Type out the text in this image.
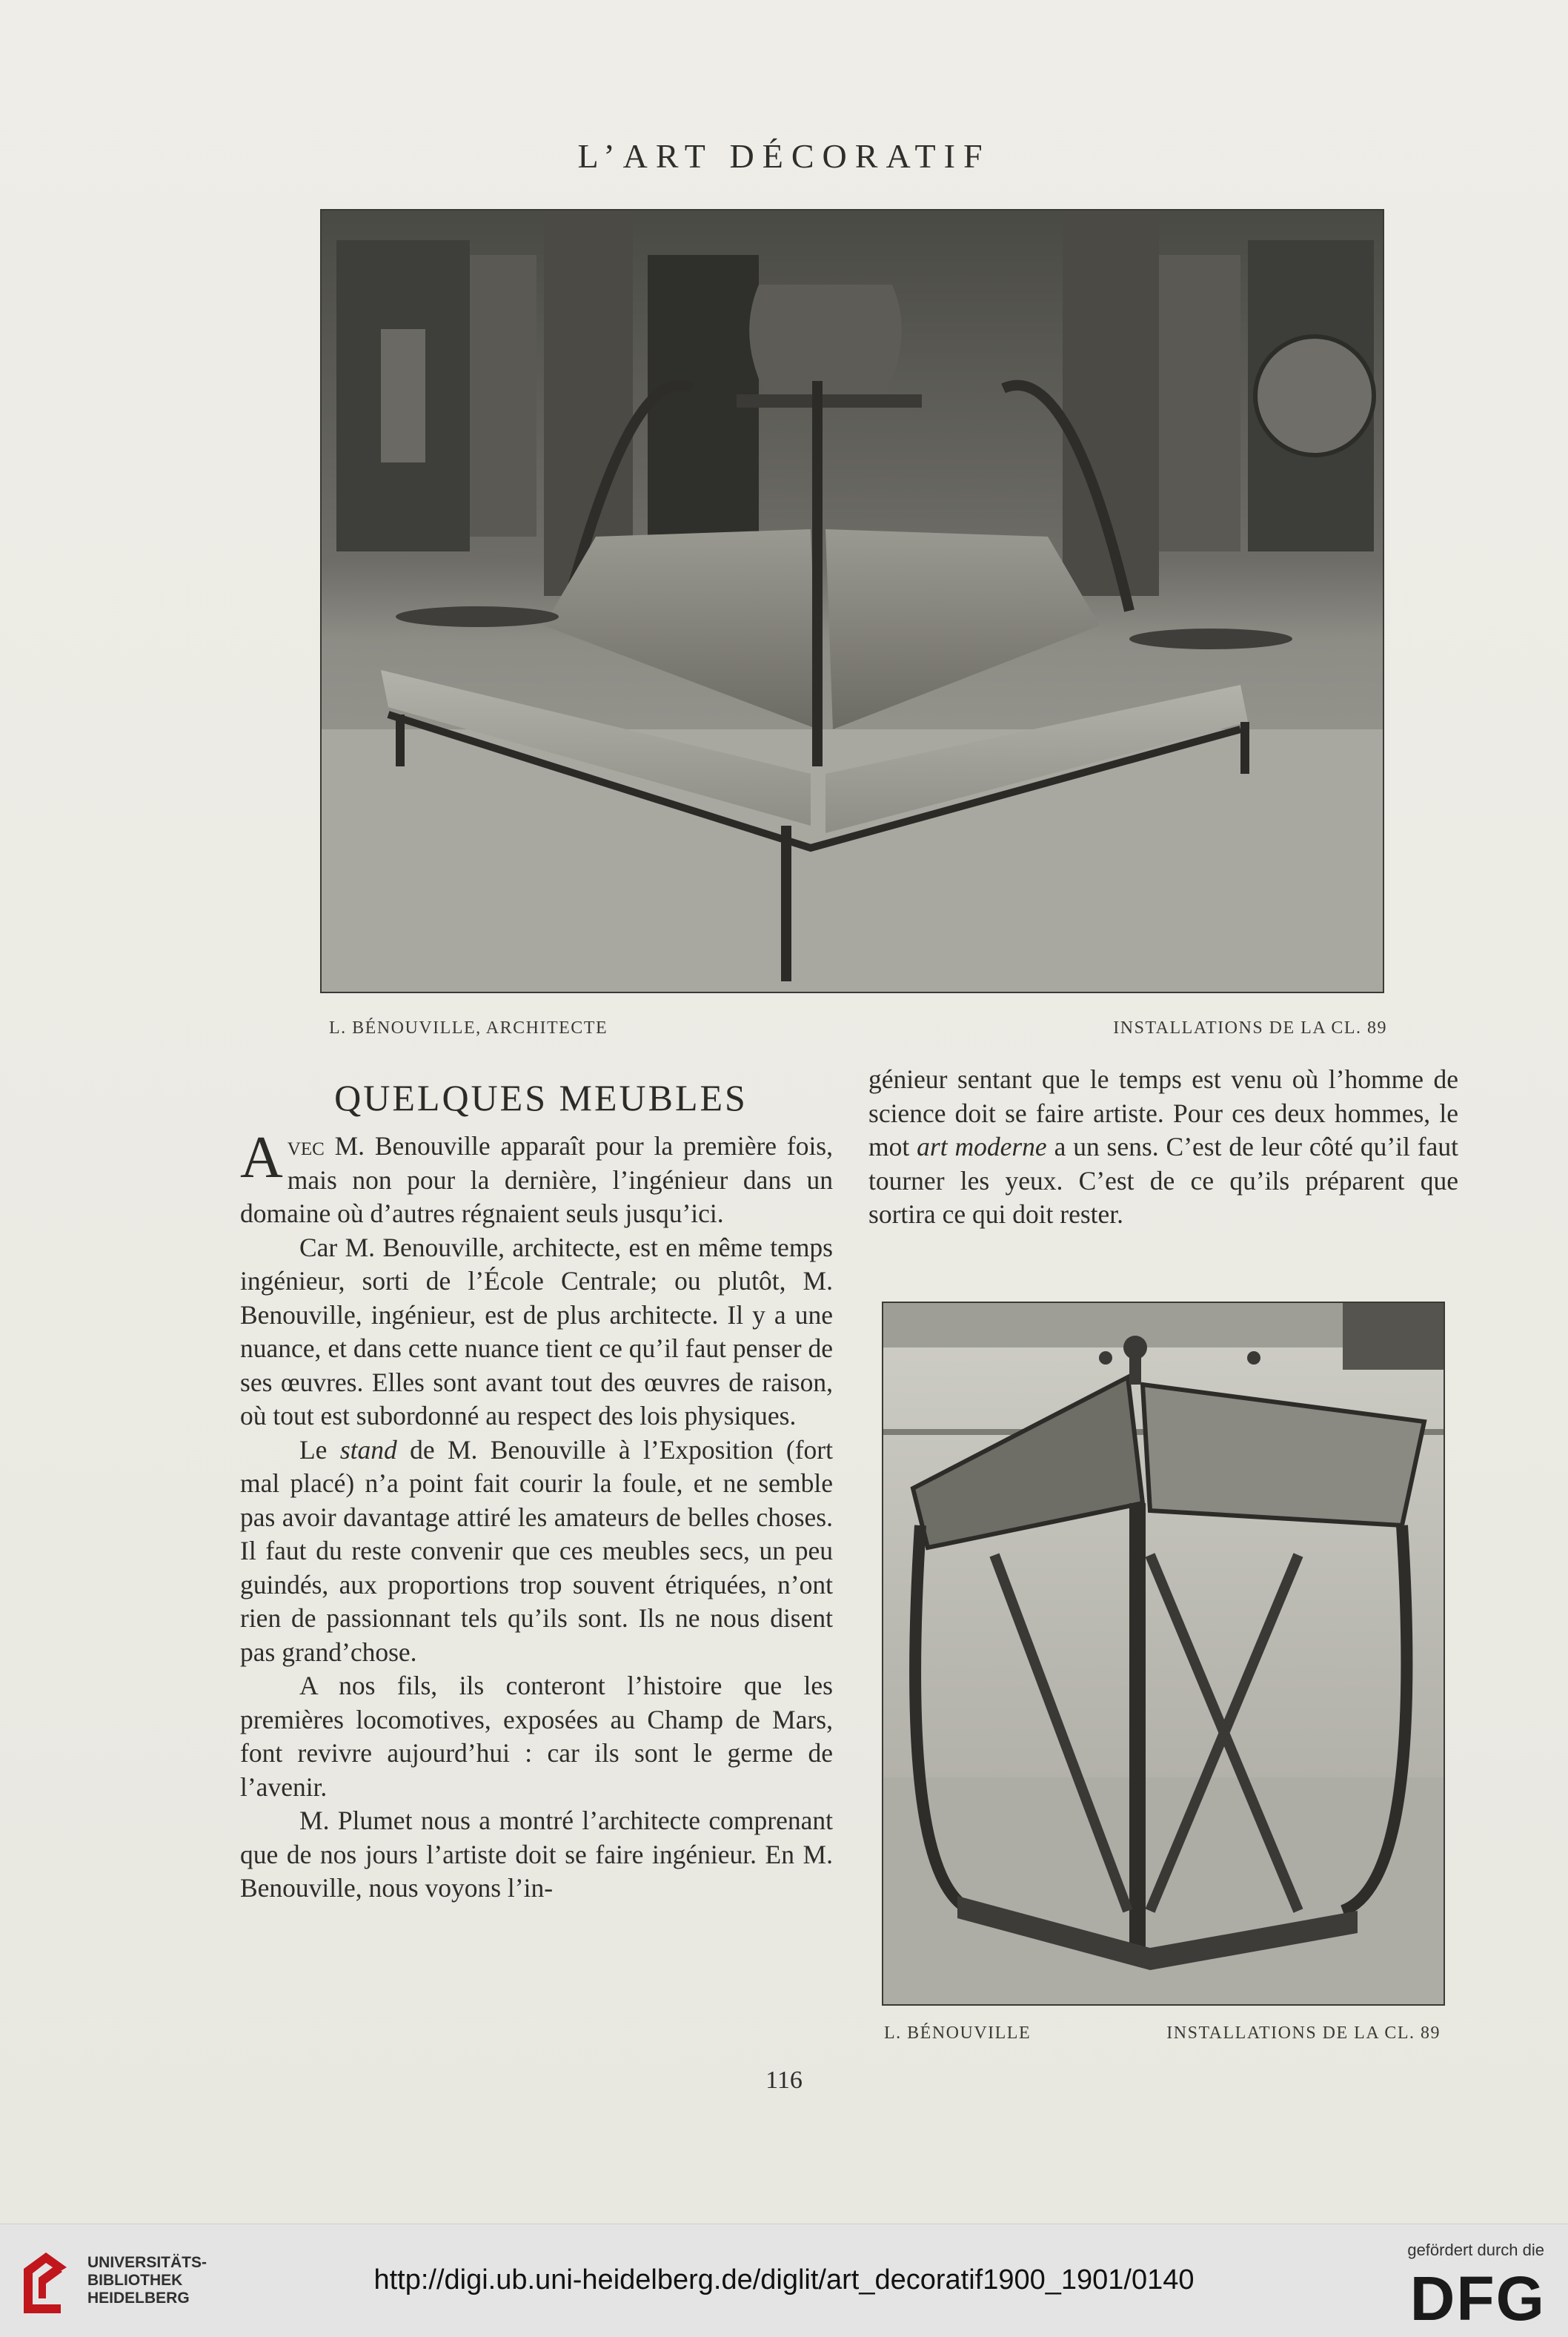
L’ART DÉCORATIF
L. BÉNOUVILLE, ARCHITECTE	INSTALLATIONS DE LA CL. 89
QUELQUES MEUBLES

Avec M. Benouville apparaît pour la première fois, mais non pour la dernière, l’ingénieur dans un domaine où d’autres régnaient seuls jusqu’ici.

Car M. Benouville, architecte, est en même temps ingénieur, sorti de l’École Centrale; ou plutôt, M. Benouville, ingénieur, est de plus architecte. Il y a une nuance, et dans cette nuance tient ce qu’il faut penser de ses œuvres. Elles sont avant tout des œuvres de raison, où tout est subordonné au respect des lois physiques.

Le stand de M. Benouville à l’Exposition (fort mal placé) n’a point fait courir la foule, et ne semble pas avoir davantage attiré les amateurs de belles choses. Il faut du reste convenir que ces meubles secs, un peu guindés, aux proportions trop souvent étriquées, n’ont rien de passionnant tels qu’ils sont. Ils ne nous disent pas grand’chose.

A nos fils, ils conteront l’histoire que les premières locomotives, exposées au Champ de Mars, font revivre aujourd’hui : car ils sont le germe de l’avenir.

M. Plumet nous a montré l’architecte comprenant que de nos jours l’artiste doit se faire ingénieur. En M. Benouville, nous voyons l’in-

génieur sentant que le temps est venu où l’homme de science doit se faire artiste. Pour ces deux hommes, le mot art moderne a un sens. C’est de leur côté qu’il faut tourner les yeux. C’est de ce qu’ils préparent que sortira ce qui doit rester.

L. BÉNOUVILLE	INSTALLATIONS DE LA CL. 89
116
UNIVERSITÄTS-
BIBLIOTHEK
HEIDELBERG
http://digi.ub.uni-heidelberg.de/diglit/art_decoratif1900_1901/0140
gefördert durch die
DFG
